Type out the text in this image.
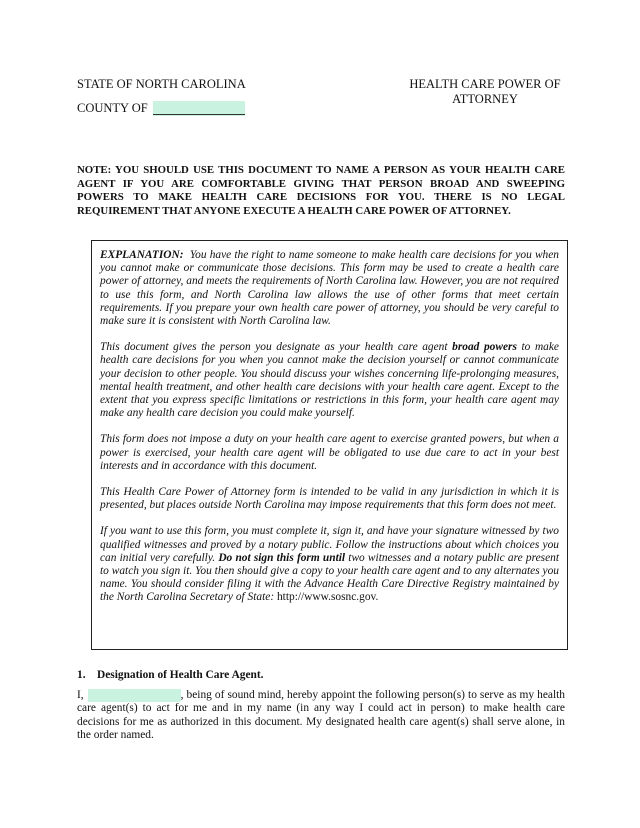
STATE OF NORTH CAROLINA
COUNTY OF
HEALTH CARE POWER OF
ATTORNEY
NOTE: YOU SHOULD USE THIS DOCUMENT TO NAME A PERSON AS YOUR HEALTH CARE AGENT IF YOU ARE COMFORTABLE GIVING THAT PERSON BROAD AND SWEEPING POWERS TO MAKE HEALTH CARE DECISIONS FOR YOU. THERE IS NO LEGAL REQUIREMENT THAT ANYONE EXECUTE A HEALTH CARE POWER OF ATTORNEY.

EXPLANATION: You have the right to name someone to make health care decisions for you when you cannot make or communicate those decisions. This form may be used to create a health care power of attorney, and meets the requirements of North Carolina law. However, you are not required to use this form, and North Carolina law allows the use of other forms that meet certain requirements. If you prepare your own health care power of attorney, you should be very careful to make sure it is consistent with North Carolina law.

This document gives the person you designate as your health care agent broad powers to make health care decisions for you when you cannot make the decision yourself or cannot communicate your decision to other people. You should discuss your wishes concerning life-prolonging measures, mental health treatment, and other health care decisions with your health care agent. Except to the extent that you express specific limitations or restrictions in this form, your health care agent may make any health care decision you could make yourself.

This form does not impose a duty on your health care agent to exercise granted powers, but when a power is exercised, your health care agent will be obligated to use due care to act in your best interests and in accordance with this document.

This Health Care Power of Attorney form is intended to be valid in any jurisdiction in which it is presented, but places outside North Carolina may impose requirements that this form does not meet.

If you want to use this form, you must complete it, sign it, and have your signature witnessed by two qualified witnesses and proved by a notary public. Follow the instructions about which choices you can initial very carefully. Do not sign this form until two witnesses and a notary public are present to watch you sign it. You then should give a copy to your health care agent and to any alternates you name. You should consider filing it with the Advance Health Care Directive Registry maintained by the North Carolina Secretary of State: http://www.sosnc.gov.

1. Designation of Health Care Agent.
I,	, being of sound mind, hereby appoint the following person(s) to serve as my health care agent(s) to act for me and in my name (in any way I could act in person) to make health care decisions for me as authorized in this document. My designated health care agent(s) shall serve alone, in the order named.
